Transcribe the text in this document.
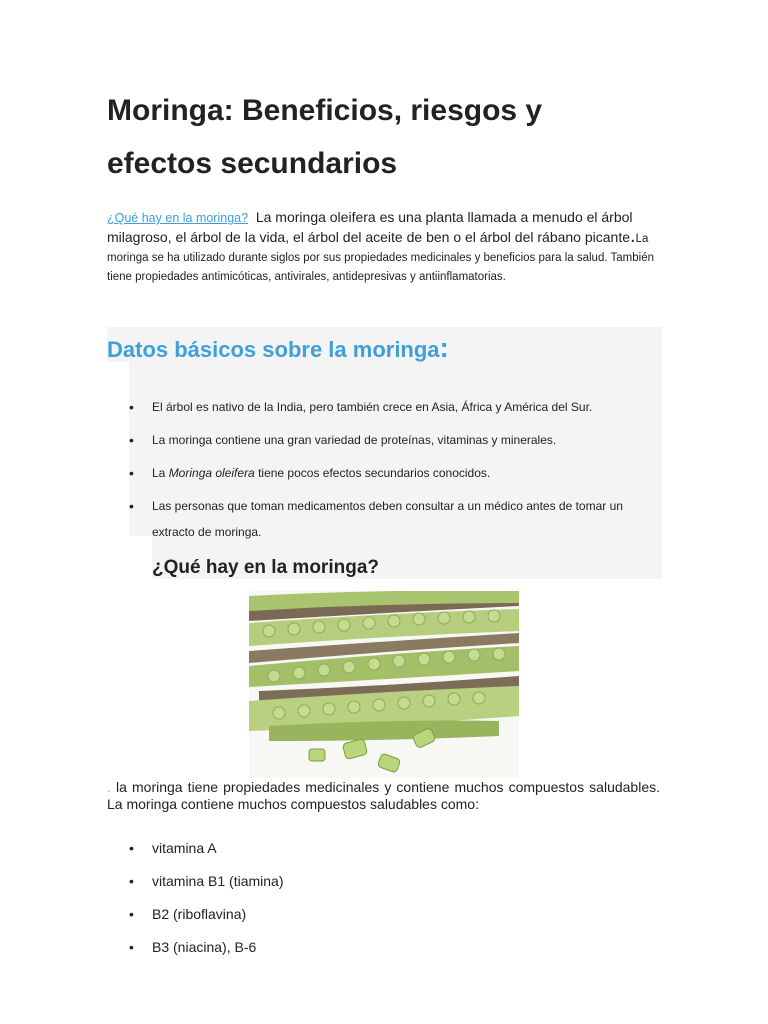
Moringa: Beneficios, riesgos y efectos secundarios

¿Qué hay en la moringa? La moringa oleifera es una planta llamada a menudo el árbol milagroso, el árbol de la vida, el árbol del aceite de ben o el árbol del rábano picante.La moringa se ha utilizado durante siglos por sus propiedades medicinales y beneficios para la salud. También tiene propiedades antimicóticas, antivirales, antidepresivas y antiinflamatorias.

Datos básicos sobre la moringa:
• El árbol es nativo de la India, pero también crece en Asia, África y América del Sur.
• La moringa contiene una gran variedad de proteínas, vitaminas y minerales.
• La Moringa oleifera tiene pocos efectos secundarios conocidos.
• Las personas que toman medicamentos deben consultar a un médico antes de tomar un extracto de moringa.
¿Qué hay en la moringa?

. la moringa tiene propiedades medicinales y contiene muchos compuestos saludables. La moringa contiene muchos compuestos saludables como:

• vitamina A
• vitamina B1 (tiamina)
• B2 (riboflavina)
• B3 (niacina), B-6
